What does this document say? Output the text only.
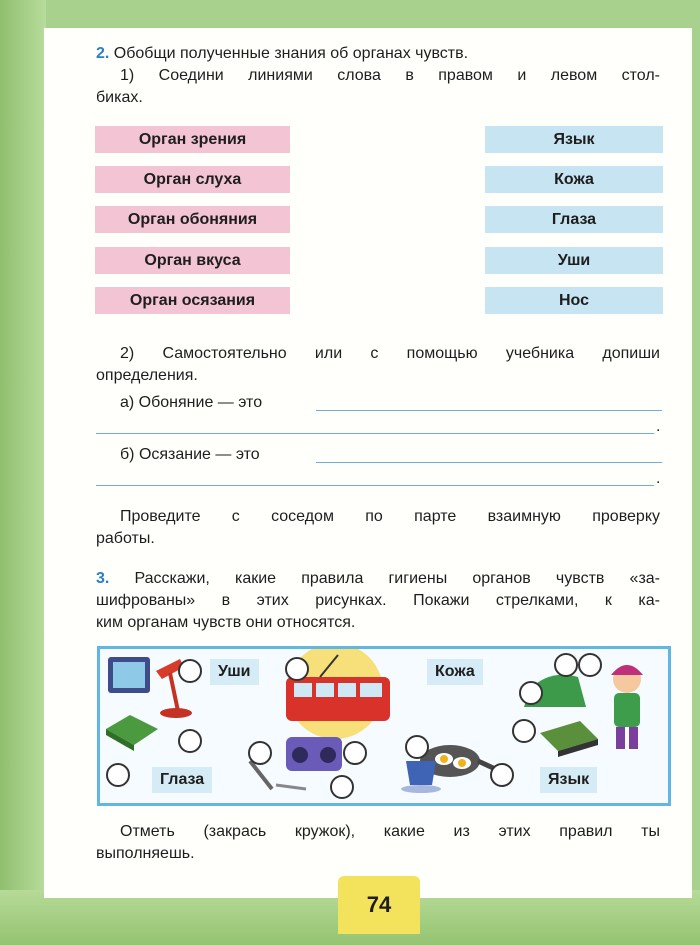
2. Обобщи полученные знания об органах чувств.
1) Соедини линиями слова в правом и левом стол-
биках.
Орган зрения
Орган слуха
Орган обоняния
Орган вкуса
Орган осязания
Язык
Кожа
Глаза
Уши
Нос
2) Самостоятельно или с помощью учебника допиши
определения.
а) Обоняние — это
.
б) Осязание — это
.
Проведите с соседом по парте взаимную проверку
работы.
3. Расскажи, какие правила гигиены органов чувств «за-
шифрованы» в этих рисунках. Покажи стрелками, к ка-
ким органам чувств они относятся.
Уши	Кожа
Глаза	Язык
Отметь (закрась кружок), какие из этих правил ты
выполняешь.
74
